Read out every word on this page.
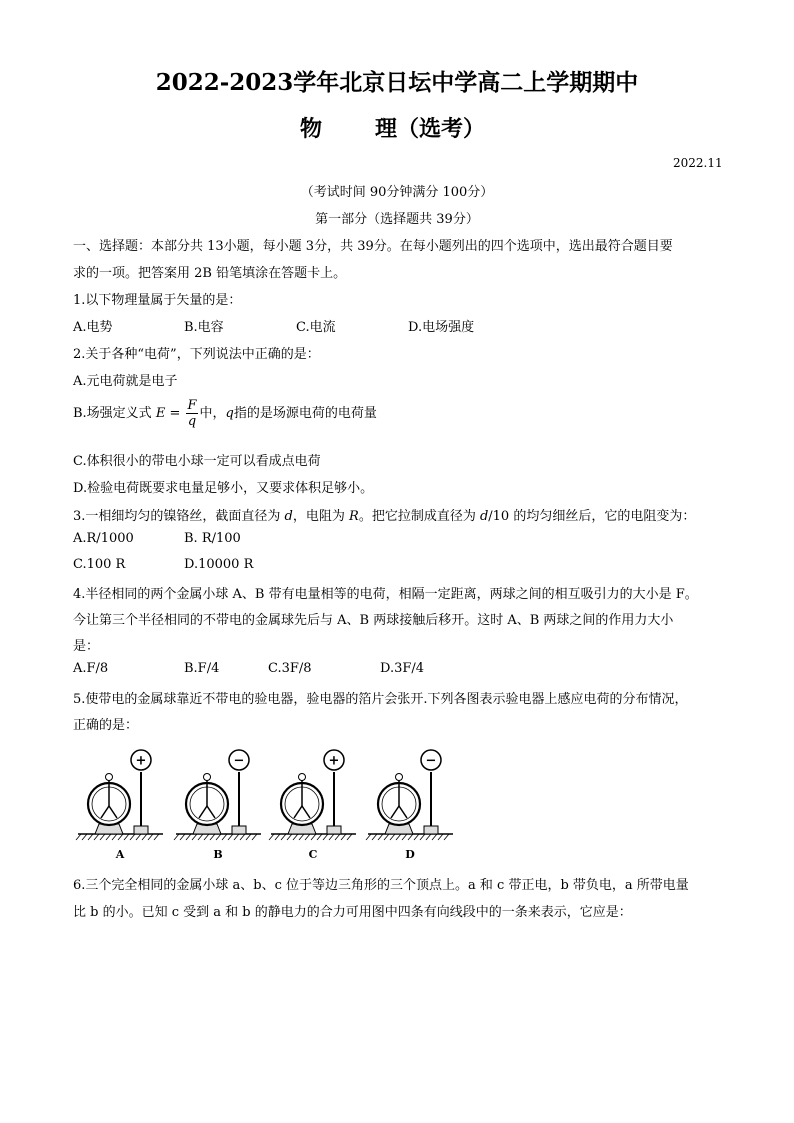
2022-2023学年北京日坛中学高二上学期期中
物 理（选考）
2022.11
（考试时间 90分钟满分 100分）
第一部分（选择题共 39分）
一、选择题：本部分共 13小题，每小题 3分，共 39分。在每小题列出的四个选项中，选出最符合题目要
求的一项。把答案用 2B 铅笔填涂在答题卡上。
1.以下物理量属于矢量的是：
A.电势	B.电容	C.电流	D.电场强度
2.关于各种“电荷”，下列说法中正确的是：
A.元电荷就是电子
B.场强定义式 $E = \frac{F}{q}$ 中，q指的是场源电荷的电荷量
C.体积很小的带电小球一定可以看成点电荷
D.检验电荷既要求电量足够小，又要求体积足够小。
3.一相细均匀的镍铬丝，截面直径为 d，电阻为 R。把它拉制成直径为 d/10 的均匀细丝后，它的电阻变为：
A.R/1000	B. R/100
C.100 R	D.10000 R
4.半径相同的两个金属小球 A、B 带有电量相等的电荷，相隔一定距离，两球之间的相互吸引力的大小是 F。
今让第三个半径相同的不带电的金属球先后与 A、B 两球接触后移开。这时 A、B 两球之间的作用力大小
是：
A.F/8	B.F/4	C.3F/8	D.3F/4
5.使带电的金属球靠近不带电的验电器，验电器的箔片会张开.下列各图表示验电器上感应电荷的分布情况，
正确的是：
+
A
−
B
+
C
−
D
6.三个完全相同的金属小球 a、b、c 位于等边三角形的三个顶点上。a 和 c 带正电，b 带负电，a 所带电量
比 b 的小。已知 c 受到 a 和 b 的静电力的合力可用图中四条有向线段中的一条来表示，它应是：
